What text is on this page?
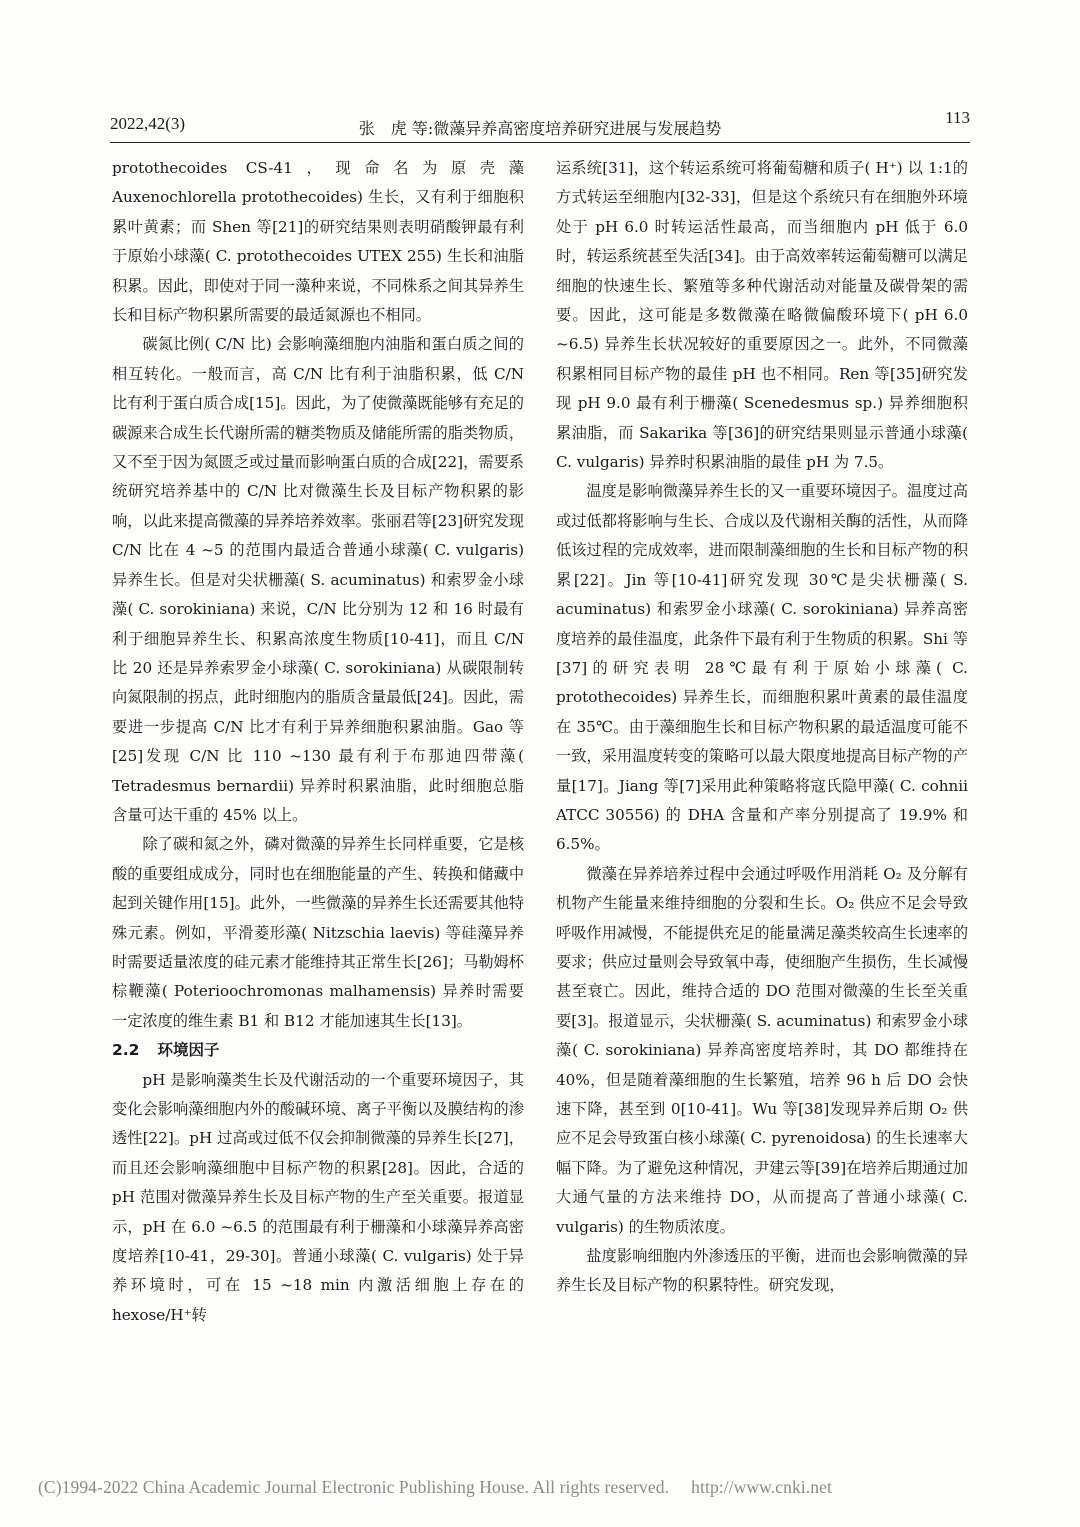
2022,42(3)	张　虎 等:微藻异养高密度培养研究进展与发展趋势
113

protothecoides CS-41，现命名为原壳藻 Auxenochlorella protothecoides) 生长，又有利于细胞积累叶黄素；而 Shen 等[21]的研究结果则表明硝酸钾最有利于原始小球藻( C. protothecoides UTEX 255) 生长和油脂积累。因此，即使对于同一藻种来说，不同株系之间其异养生长和目标产物积累所需要的最适氮源也不相同。

碳氮比例( C/N 比) 会影响藻细胞内油脂和蛋白质之间的相互转化。一般而言，高 C/N 比有利于油脂积累，低 C/N 比有利于蛋白质合成[15]。因此，为了使微藻既能够有充足的碳源来合成生长代谢所需的糖类物质及储能所需的脂类物质，又不至于因为氮匮乏或过量而影响蛋白质的合成[22]，需要系统研究培养基中的 C/N 比对微藻生长及目标产物积累的影响，以此来提高微藻的异养培养效率。张丽君等[23]研究发现 C/N 比在 4 ~5 的范围内最适合普通小球藻( C. vulgaris) 异养生长。但是对尖状栅藻( S. acuminatus) 和索罗金小球藻( C. sorokiniana) 来说，C/N 比分别为 12 和 16 时最有利于细胞异养生长、积累高浓度生物质[10-41]，而且 C/N 比 20 还是异养索罗金小球藻( C. sorokiniana) 从碳限制转向氮限制的拐点，此时细胞内的脂质含量最低[24]。因此，需要进一步提高 C/N 比才有利于异养细胞积累油脂。Gao 等[25]发现 C/N 比 110 ~130 最有利于布那迪四带藻( Tetradesmus bernardii) 异养时积累油脂，此时细胞总脂含量可达干重的 45% 以上。

除了碳和氮之外，磷对微藻的异养生长同样重要，它是核酸的重要组成成分，同时也在细胞能量的产生、转换和储藏中起到关键作用[15]。此外，一些微藻的异养生长还需要其他特殊元素。例如，平滑菱形藻( Nitzschia laevis) 等硅藻异养时需要适量浓度的硅元素才能维持其正常生长[26]；马勒姆杯棕鞭藻( Poterioochromonas malhamensis) 异养时需要一定浓度的维生素 B1 和 B12 才能加速其生长[13]。

2.2 环境因子

pH 是影响藻类生长及代谢活动的一个重要环境因子，其变化会影响藻细胞内外的酸碱环境、离子平衡以及膜结构的渗透性[22]。pH 过高或过低不仅会抑制微藻的异养生长[27]，而且还会影响藻细胞中目标产物的积累[28]。因此，合适的 pH 范围对微藻异养生长及目标产物的生产至关重要。报道显示，pH 在 6.0 ~6.5 的范围最有利于栅藻和小球藻异养高密度培养[10-41，29-30]。普通小球藻( C. vulgaris) 处于异养环境时，可在 15 ~18 min 内激活细胞上存在的 hexose/H⁺转

运系统[31]，这个转运系统可将葡萄糖和质子( H⁺) 以 1:1的方式转运至细胞内[32-33]，但是这个系统只有在细胞外环境处于 pH 6.0 时转运活性最高，而当细胞内 pH 低于 6.0 时，转运系统甚至失活[34]。由于高效率转运葡萄糖可以满足细胞的快速生长、繁殖等多种代谢活动对能量及碳骨架的需要。因此，这可能是多数微藻在略微偏酸环境下( pH 6.0 ~6.5) 异养生长状况较好的重要原因之一。此外，不同微藻积累相同目标产物的最佳 pH 也不相同。Ren 等[35]研究发现 pH 9.0 最有利于栅藻( Scenedesmus sp.) 异养细胞积累油脂，而 Sakarika 等[36]的研究结果则显示普通小球藻( C. vulgaris) 异养时积累油脂的最佳 pH 为 7.5。

温度是影响微藻异养生长的又一重要环境因子。温度过高或过低都将影响与生长、合成以及代谢相关酶的活性，从而降低该过程的完成效率，进而限制藻细胞的生长和目标产物的积累[22]。Jin 等[10-41]研究发现 30℃是尖状栅藻( S. acuminatus) 和索罗金小球藻( C. sorokiniana) 异养高密度培养的最佳温度，此条件下最有利于生物质的积累。Shi 等[37]的研究表明 28℃最有利于原始小球藻( C. protothecoides) 异养生长，而细胞积累叶黄素的最佳温度在 35℃。由于藻细胞生长和目标产物积累的最适温度可能不一致，采用温度转变的策略可以最大限度地提高目标产物的产量[17]。Jiang 等[7]采用此种策略将寇氏隐甲藻( C. cohnii ATCC 30556) 的 DHA 含量和产率分别提高了 19.9% 和 6.5%。

微藻在异养培养过程中会通过呼吸作用消耗 O₂ 及分解有机物产生能量来维持细胞的分裂和生长。O₂ 供应不足会导致呼吸作用减慢，不能提供充足的能量满足藻类较高生长速率的要求；供应过量则会导致氧中毒，使细胞产生损伤，生长减慢甚至衰亡。因此，维持合适的 DO 范围对微藻的生长至关重要[3]。报道显示，尖状栅藻( S. acuminatus) 和索罗金小球藻( C. sorokiniana) 异养高密度培养时，其 DO 都维持在 40%，但是随着藻细胞的生长繁殖，培养 96 h 后 DO 会快速下降，甚至到 0[10-41]。Wu 等[38]发现异养后期 O₂ 供应不足会导致蛋白核小球藻( C. pyrenoidosa) 的生长速率大幅下降。为了避免这种情况，尹建云等[39]在培养后期通过加大通气量的方法来维持 DO，从而提高了普通小球藻( C. vulgaris) 的生物质浓度。

盐度影响细胞内外渗透压的平衡，进而也会影响微藻的异养生长及目标产物的积累特性。研究发现，

(C)1994-2022 China Academic Journal Electronic Publishing House. All rights reserved.　 http://www.cnki.net
